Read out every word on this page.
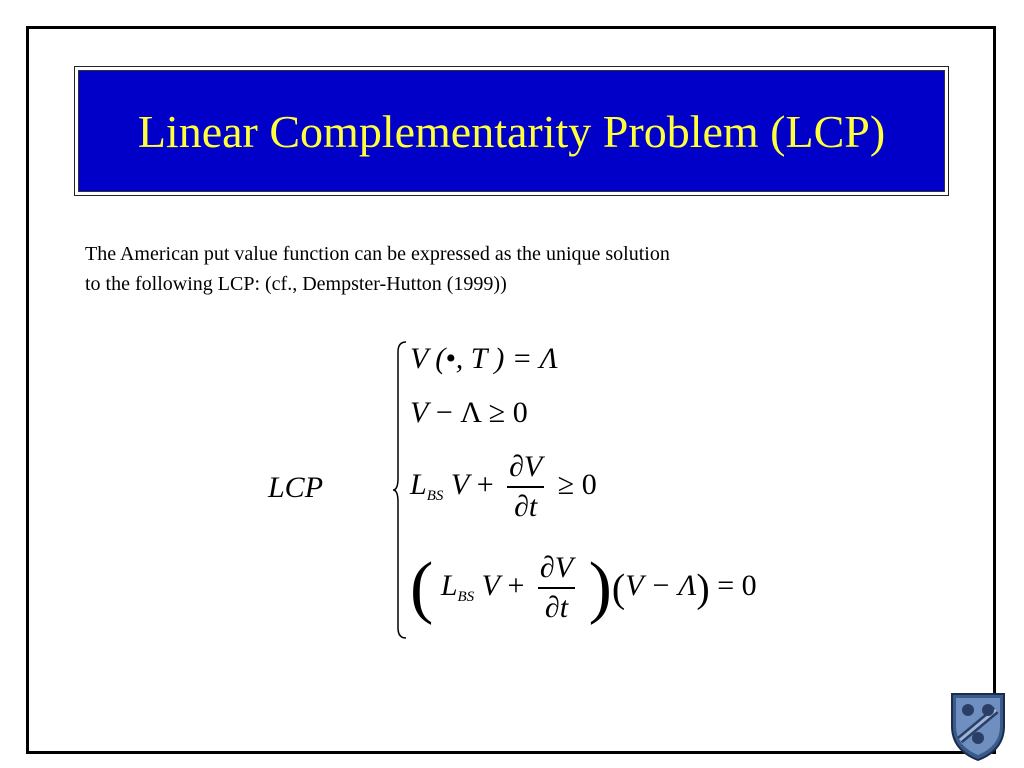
Linear Complementarity Problem (LCP)
The American put value function can be expressed as the unique solution
to the following LCP: (cf., Dempster-Hutton (1999))
LCP
V (•, T ) = Λ
V − Λ ≥ 0
$L_{BS}$ $V + \frac{\partial V}{\partial t} \ge 0$
( $L_{BS}$ $V + \frac{\partial V}{\partial t} )(V - \Lambda) = 0$
